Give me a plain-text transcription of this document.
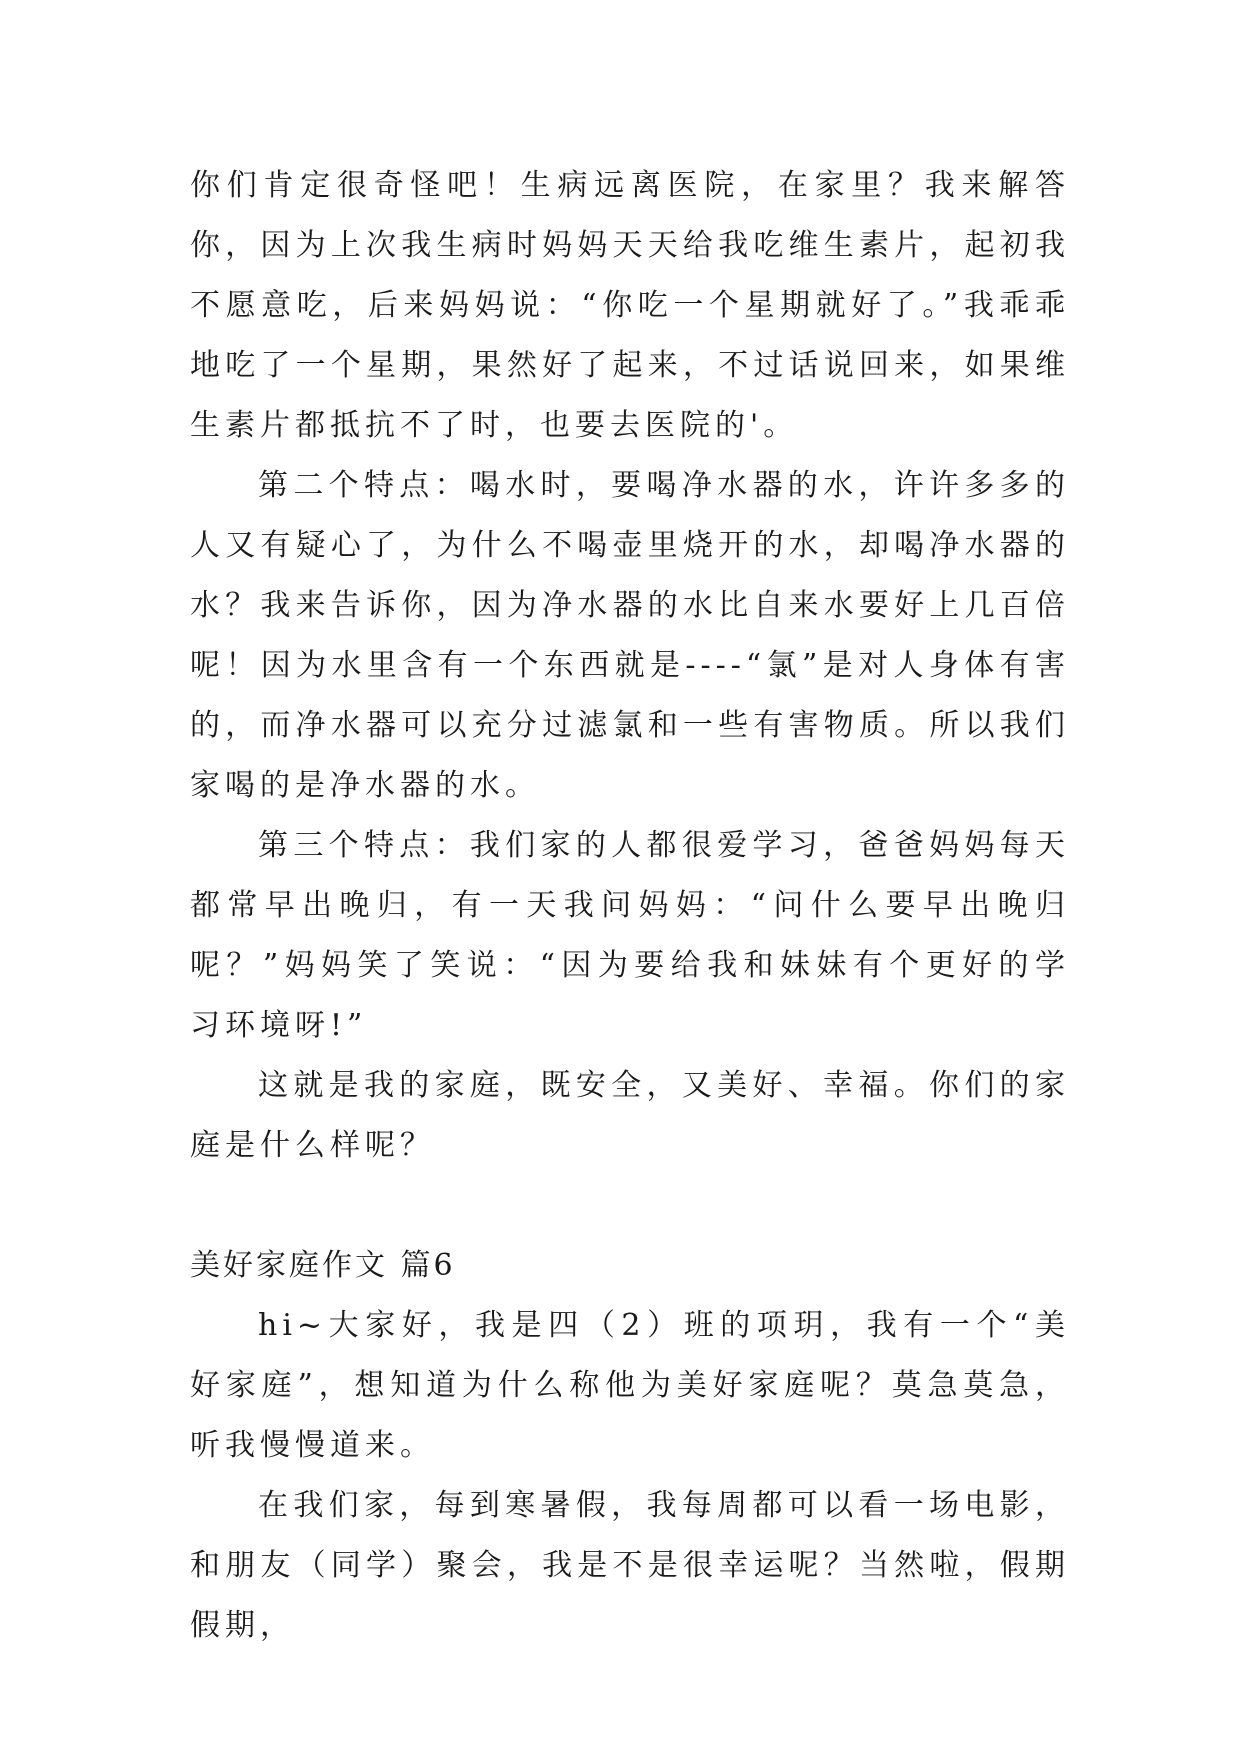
你们肯定很奇怪吧！生病远离医院，在家里？我来解答你，因为上次我生病时妈妈天天给我吃维生素片，起初我不愿意吃，后来妈妈说：“你吃一个星期就好了。”我乖乖地吃了一个星期，果然好了起来，不过话说回来，如果维生素片都抵抗不了时，也要去医院的'。

第二个特点：喝水时，要喝净水器的水，许许多多的人又有疑心了，为什么不喝壶里烧开的水，却喝净水器的水？我来告诉你，因为净水器的水比自来水要好上几百倍呢！因为水里含有一个东西就是----“氯”是对人身体有害的，而净水器可以充分过滤氯和一些有害物质。所以我们家喝的是净水器的水。

第三个特点：我们家的人都很爱学习，爸爸妈妈每天都常早出晚归，有一天我问妈妈：“问什么要早出晚归呢？”妈妈笑了笑说：“因为要给我和妹妹有个更好的学习环境呀!”

这就是我的家庭，既安全，又美好、幸福。你们的家庭是什么样呢？

美好家庭作文 篇6

hi~大家好，我是四（2）班的项玥，我有一个“美好家庭”，想知道为什么称他为美好家庭呢？莫急莫急，听我慢慢道来。

在我们家，每到寒暑假，我每周都可以看一场电影，和朋友（同学）聚会，我是不是很幸运呢？当然啦，假期假期，
